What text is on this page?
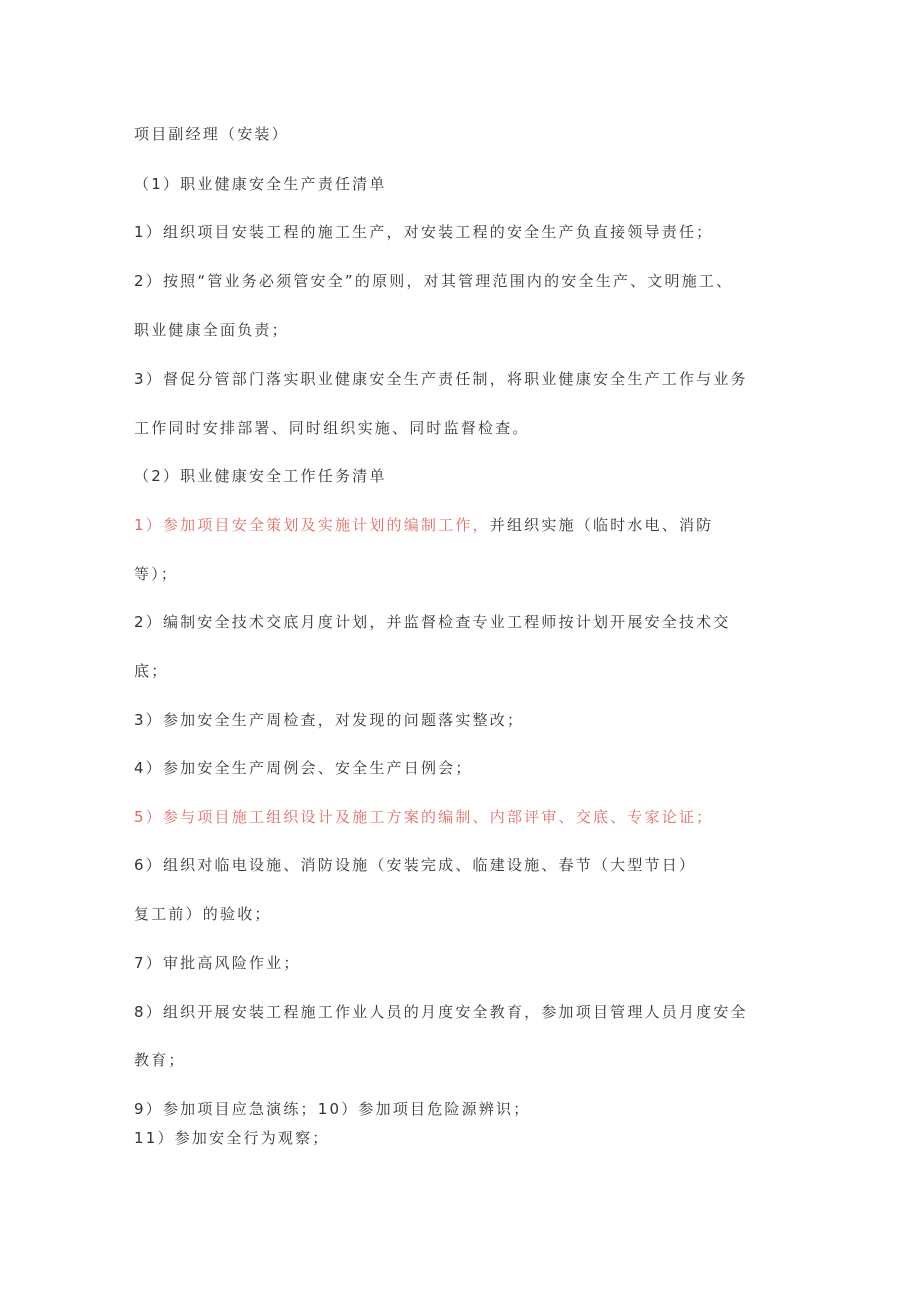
项目副经理（安装）

（1）职业健康安全生产责任清单

1）组织项目安装工程的施工生产，对安装工程的安全生产负直接领导责任；

2）按照“管业务必须管安全”的原则，对其管理范围内的安全生产、文明施工、

职业健康全面负责；

3）督促分管部门落实职业健康安全生产责任制，将职业健康安全生产工作与业务

工作同时安排部署、同时组织实施、同时监督检查。

（2）职业健康安全工作任务清单

1）参加项目安全策划及实施计划的编制工作，并组织实施（临时水电、消防

等）；

2）编制安全技术交底月度计划，并监督检查专业工程师按计划开展安全技术交

底；

3）参加安全生产周检查，对发现的问题落实整改；

4）参加安全生产周例会、安全生产日例会；

5）参与项目施工组织设计及施工方案的编制、内部评审、交底、专家论证；

6）组织对临电设施、消防设施（安装完成、临建设施、春节（大型节日）

复工前）的验收；

7）审批高风险作业；

8）组织开展安装工程施工作业人员的月度安全教育，参加项目管理人员月度安全

教育；

9）参加项目应急演练；10）参加项目危险源辨识；

11）参加安全行为观察；
